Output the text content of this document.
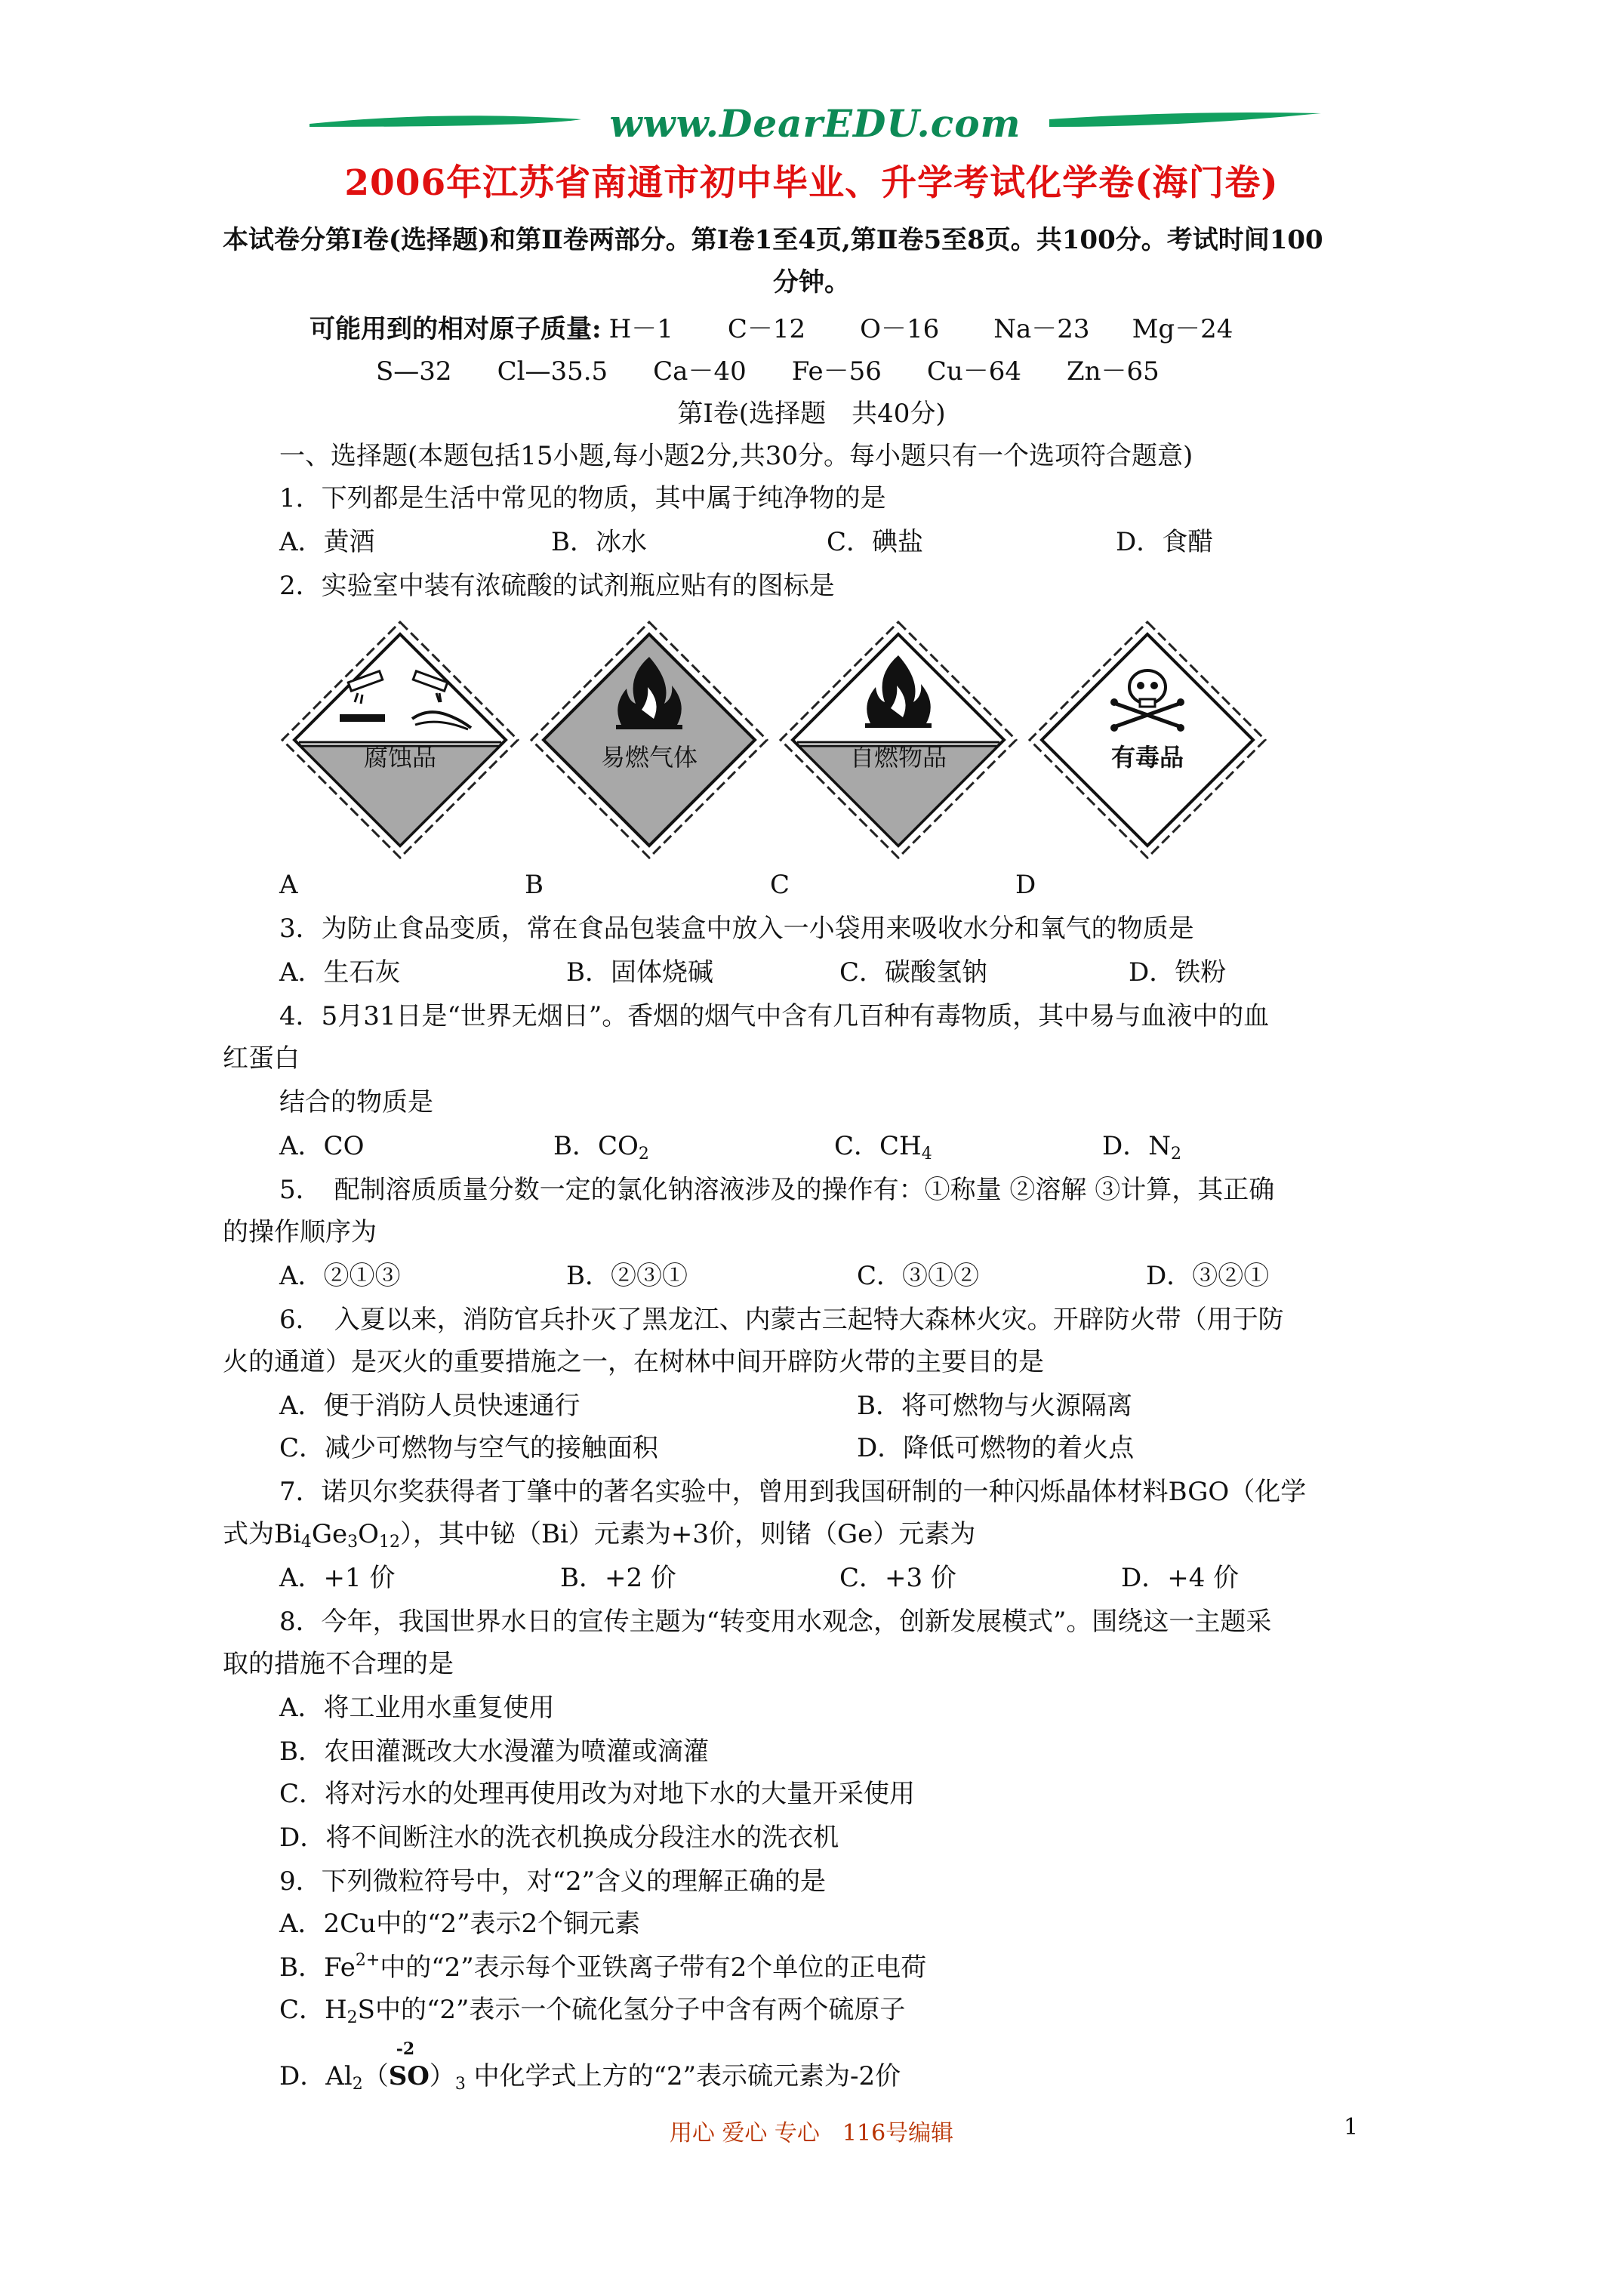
www.DearEDU.com
2006年江苏省南通市初中毕业、升学考试化学卷(海门卷)
本试卷分第Ⅰ卷(选择题)和第Ⅱ卷两部分。第Ⅰ卷1至4页,第Ⅱ卷5至8页。共100分。考试时间100
分钟。
可能用到的相对原子质量: H－1 C－12 O－16 Na－23 Mg－24
S—32 Cl—35.5 Ca－40 Fe－56 Cu－64 Zn－65
第Ⅰ卷(选择题　共40分)
一、选择题(本题包括15小题,每小题2分,共30分。每小题只有一个选项符合题意)
1．下列都是生活中常见的物质，其中属于纯净物的是
A．黄酒	B．冰水	C．碘盐	D．食醋
2．实验室中装有浓硫酸的试剂瓶应贴有的图标是
腐蚀品	易燃气体	自燃物品	有毒品
A	B	C	D
3．为防止食品变质，常在食品包装盒中放入一小袋用来吸收水分和氧气的物质是
A．生石灰	B．固体烧碱	C．碳酸氢钠	D．铁粉
4．5月31日是“世界无烟日”。香烟的烟气中含有几百种有毒物质，其中易与血液中的血
红蛋白
结合的物质是
A．CO	B．$CO_2$	C．$CH_4$	D．$N_2$
5．　配制溶质质量分数一定的氯化钠溶液涉及的操作有：①称量 ②溶解 ③计算，其正确
的操作顺序为
A．②①③	B．②③①	C．③①②	D．③②①
6．　入夏以来，消防官兵扑灭了黑龙江、内蒙古三起特大森林火灾。开辟防火带（用于防
火的通道）是灭火的重要措施之一，在树林中间开辟防火带的主要目的是
A．便于消防人员快速通行	B．将可燃物与火源隔离
C．减少可燃物与空气的接触面积	D．降低可燃物的着火点
7．诺贝尔奖获得者丁肇中的著名实验中，曾用到我国研制的一种闪烁晶体材料BGO（化学
式为$Bi_4Ge_3O_{12}$），其中铋（Bi）元素为+3价，则锗（Ge）元素为
A．+1 价	B．+2 价	C．+3 价	D．+4 价
8．今年，我国世界水日的宣传主题为“转变用水观念，创新发展模式”。围绕这一主题采
取的措施不合理的是
A．将工业用水重复使用
B．农田灌溉改大水漫灌为喷灌或滴灌
C．将对污水的处理再使用改为对地下水的大量开采使用
D．将不间断注水的洗衣机换成分段注水的洗衣机
9．下列微粒符号中，对“2”含义的理解正确的是
A．2Cu中的“2”表示2个铜元素
B．$Fe^{2+}$中的“2”表示每个亚铁离子带有2个单位的正电荷
C．$H_2S$中的“2”表示一个硫化氢分子中含有两个硫原子
D．$Al_2$（
-2
$SO)_3$ 中化学式上方的“2”表示硫元素为-2价
用心 爱心 专心　116号编辑	1
